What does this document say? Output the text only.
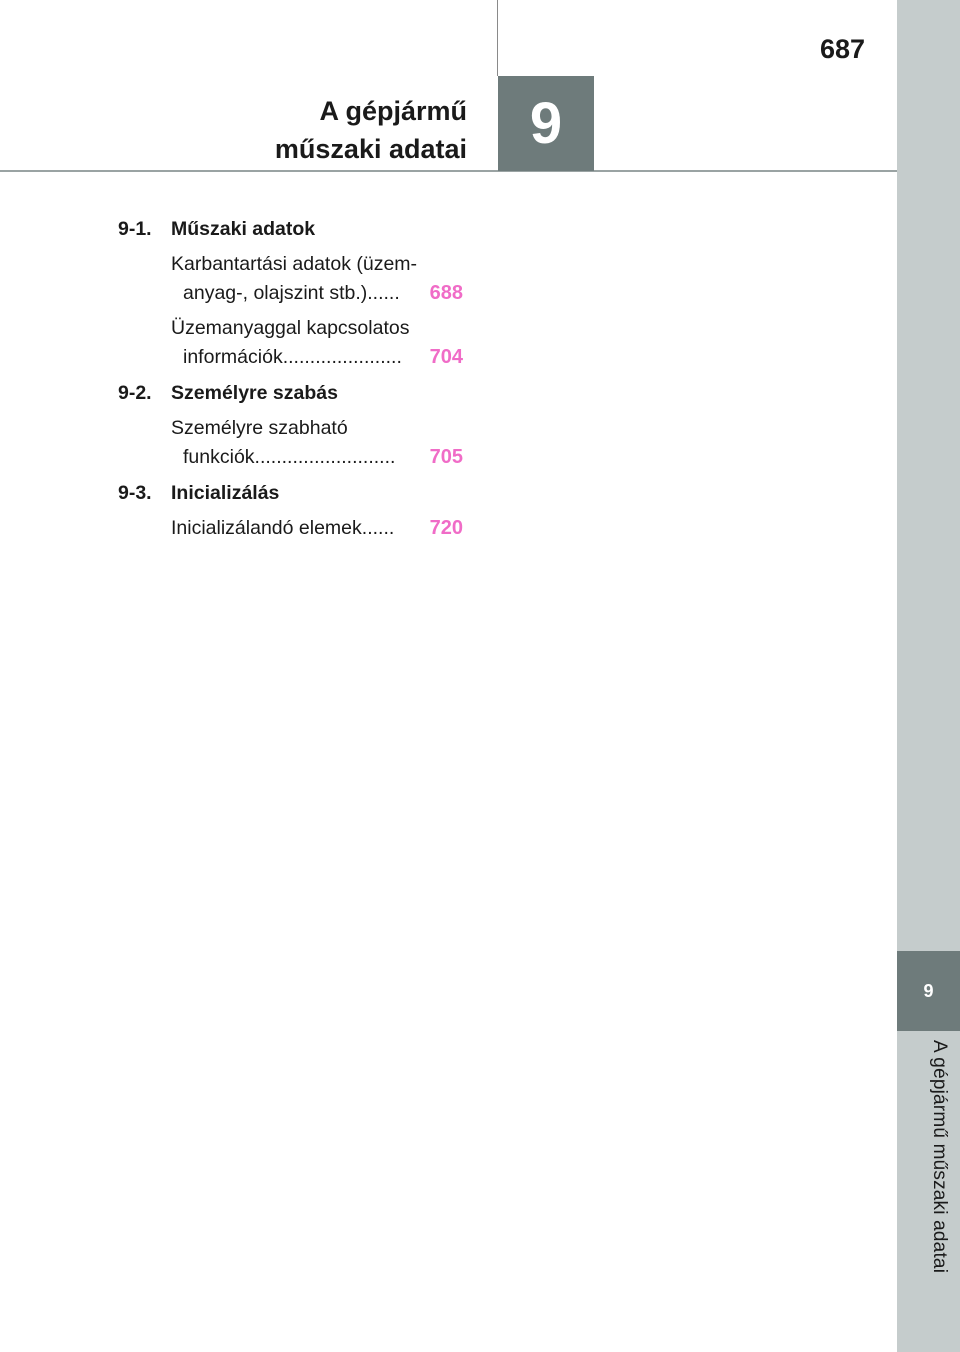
9
A gépjármű műszaki adatai
687
A gépjármű
műszaki adatai 9
9-1. Műszaki adatok
Karbantartási adatok (üzem-
anyag-, olajszint stb.) ......	688
Üzemanyaggal kapcsolatos
információk ......................	704
9-2. Személyre szabás
Személyre szabható
funkciók ..........................	705
9-3. Inicializálás
Inicializálandó elemek ......	720
